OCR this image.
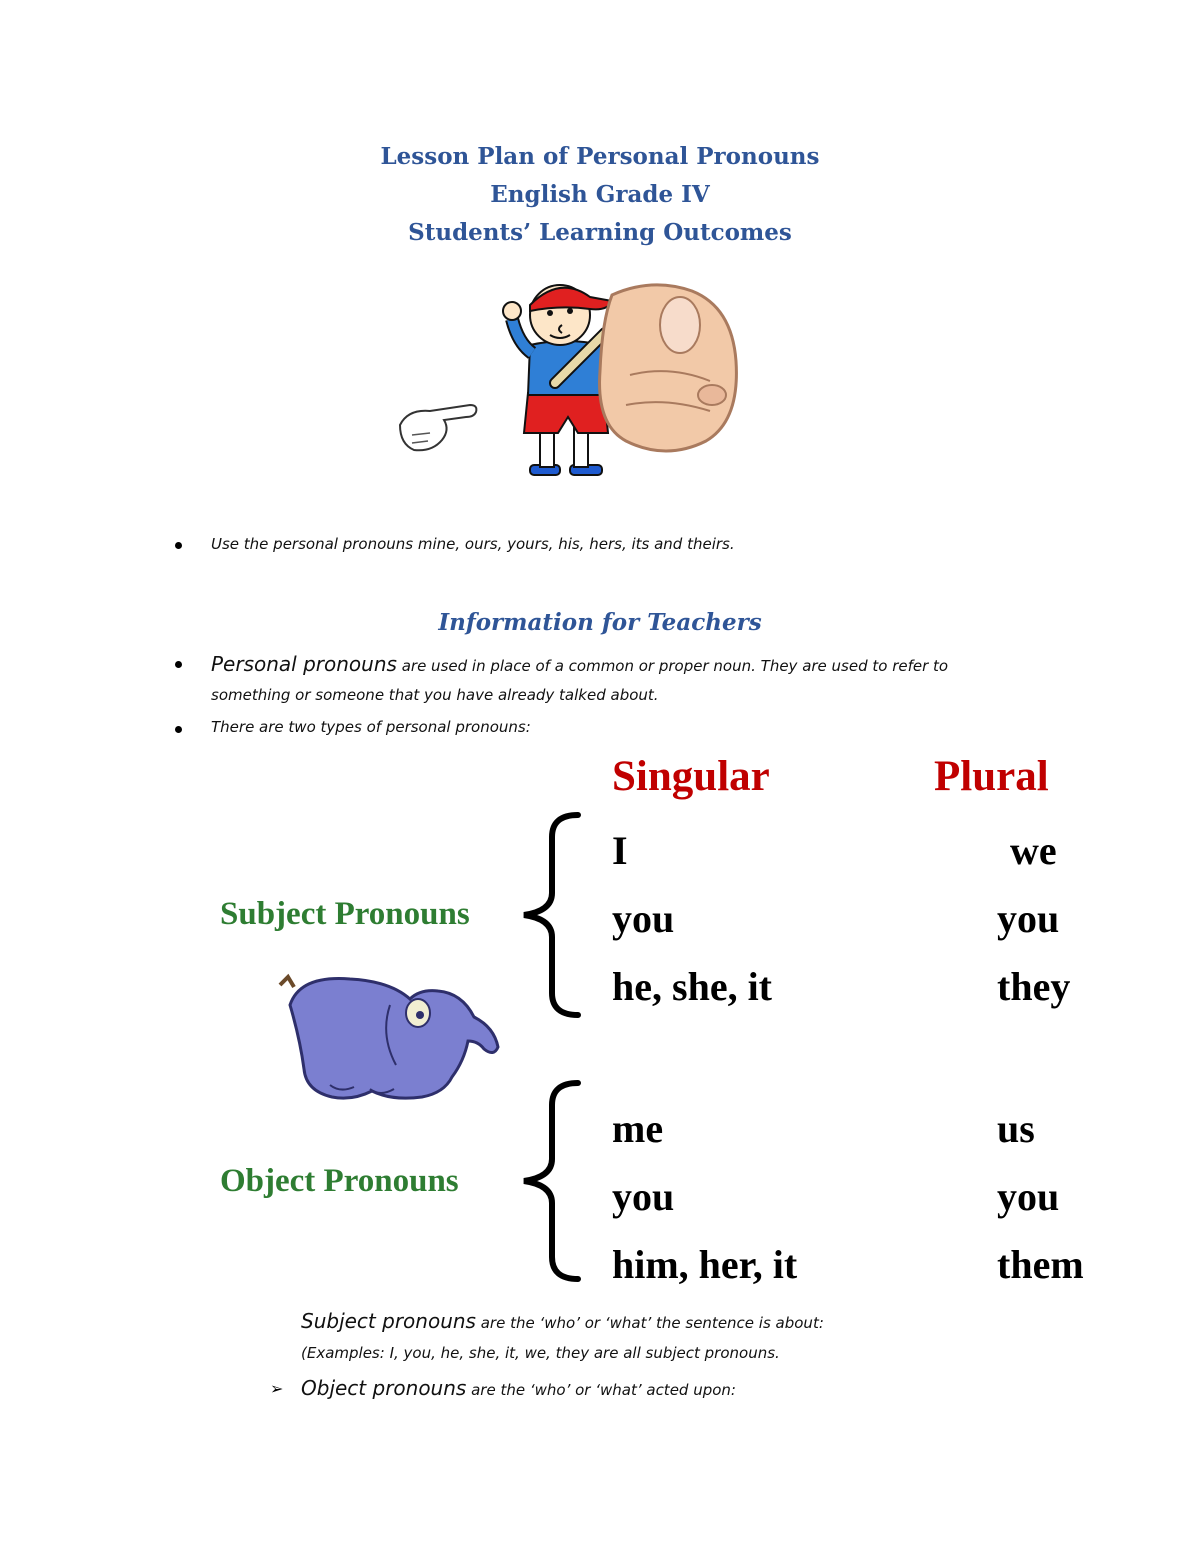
Lesson Plan of Personal Pronouns
English Grade IV
Students’ Learning Outcomes
Use the personal pronouns mine, ours, yours, his, hers, its and theirs.
Information for Teachers
Personal pronouns are used in place of a common or proper noun. They are used to refer to
something or someone that you have already talked about.
There are two types of personal pronouns:
Singular	Plural
Subject Pronouns
Object Pronouns
I	we
you	you
he, she, it	they
me	us
you	you
him, her, it	them
Subject pronouns are the ‘who’ or ‘what’ the sentence is about:
(Examples: I, you, he, she, it, we, they are all subject pronouns.
➢ Object pronouns are the ‘who’ or ‘what’ acted upon:
